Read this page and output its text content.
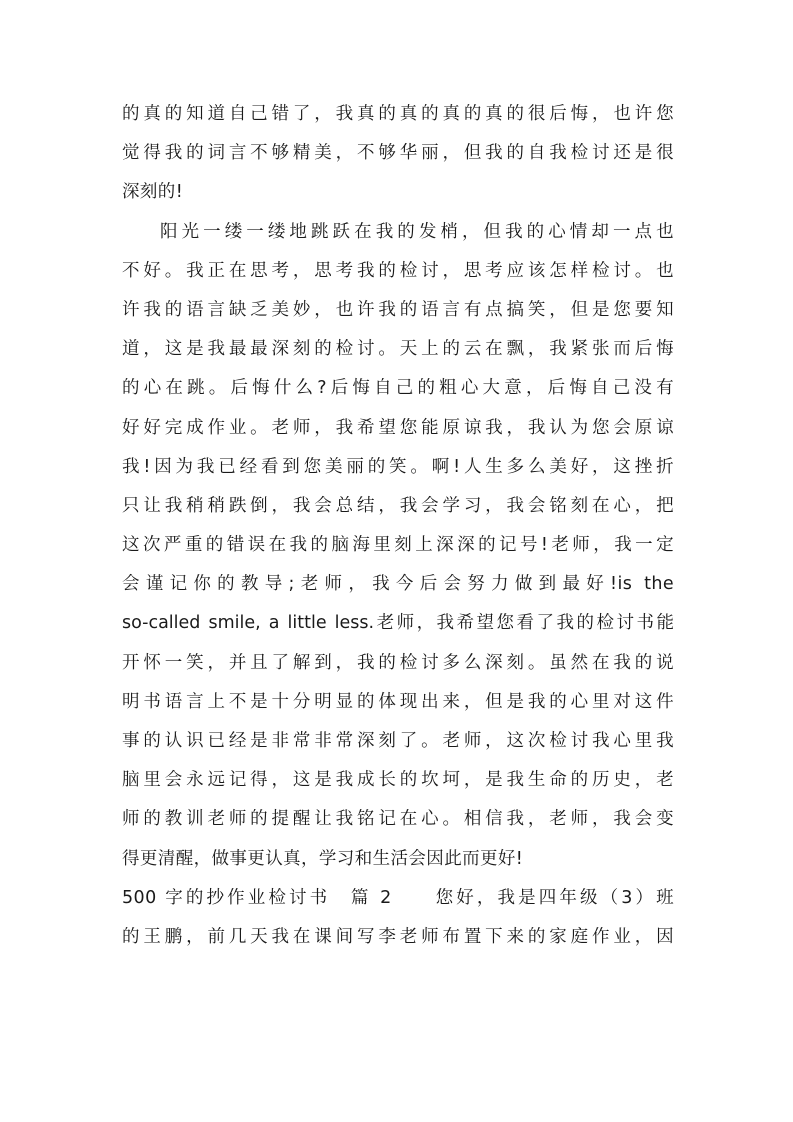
的真的知道自己错了，我真的真的真的真的很后悔，也许您
觉得我的词言不够精美，不够华丽，但我的自我检讨还是很
深刻的!
阳光一缕一缕地跳跃在我的发梢，但我的心情却一点也
不好。我正在思考，思考我的检讨，思考应该怎样检讨。也
许我的语言缺乏美妙，也许我的语言有点搞笑，但是您要知
道，这是我最最深刻的检讨。天上的云在飘，我紧张而后悔
的心在跳。后悔什么?后悔自己的粗心大意，后悔自己没有
好好完成作业。老师，我希望您能原谅我，我认为您会原谅
我!因为我已经看到您美丽的笑。啊!人生多么美好，这挫折
只让我稍稍跌倒，我会总结，我会学习，我会铭刻在心，把
这次严重的错误在我的脑海里刻上深深的记号!老师，我一定
会谨记你的教导;老师，我今后会努力做到最好!is the
so-called smile, a little less.老师，我希望您看了我的检讨书能
开怀一笑，并且了解到，我的检讨多么深刻。虽然在我的说
明书语言上不是十分明显的体现出来，但是我的心里对这件
事的认识已经是非常非常深刻了。老师，这次检讨我心里我
脑里会永远记得，这是我成长的坎坷，是我生命的历史，老
师的教训老师的提醒让我铭记在心。相信我，老师，我会变
得更清醒，做事更认真，学习和生活会因此而更好!
500 字的抄作业检讨书　篇 2　　您好，我是四年级（3）班
的王鹏，前几天我在课间写李老师布置下来的家庭作业，因
